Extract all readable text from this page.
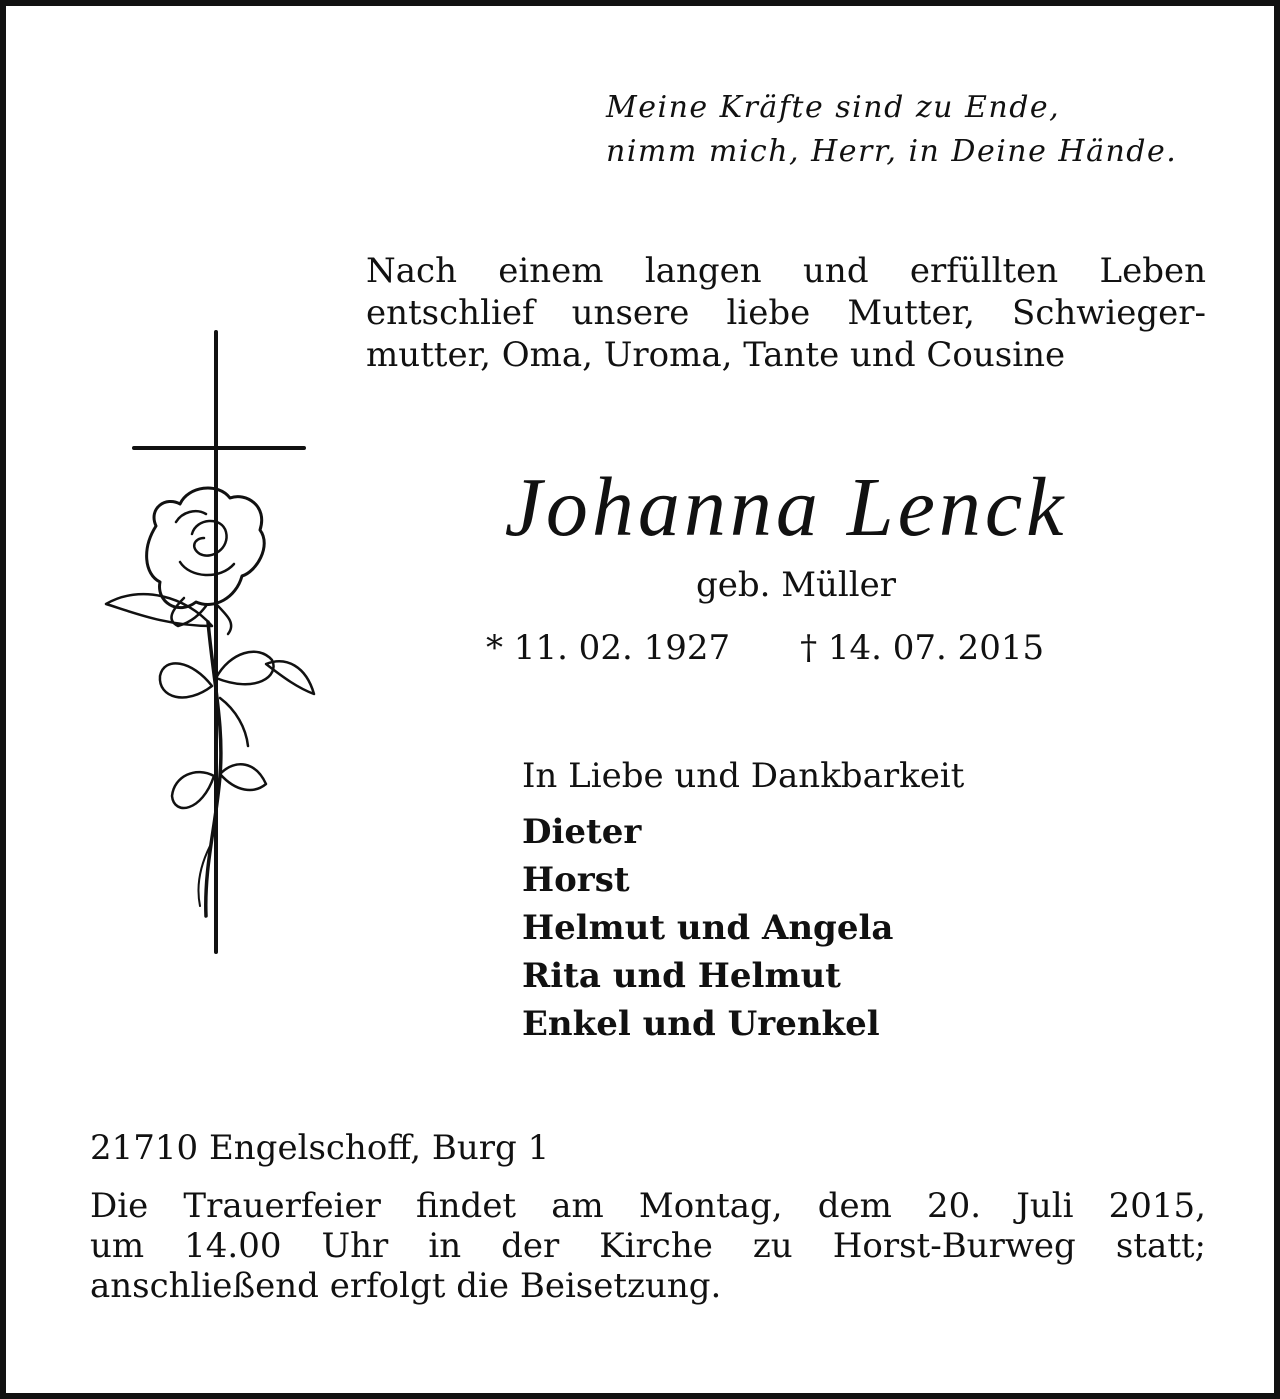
Meine Kräfte sind zu Ende,
nimm mich, Herr, in Deine Hände.
Nach einem langen und erfüllten Leben
entschlief unsere liebe Mutter, Schwieger-
mutter, Oma, Uroma, Tante und Cousine
Johanna Lenck
geb. Müller
* 11. 02. 1927 † 14. 07. 2015
In Liebe und Dankbarkeit
Dieter
Horst
Helmut und Angela
Rita und Helmut
Enkel und Urenkel
21710 Engelschoff, Burg 1
Die Trauerfeier findet am Montag, dem 20. Juli 2015,
um 14.00 Uhr in der Kirche zu Horst-Burweg statt;
anschließend erfolgt die Beisetzung.
